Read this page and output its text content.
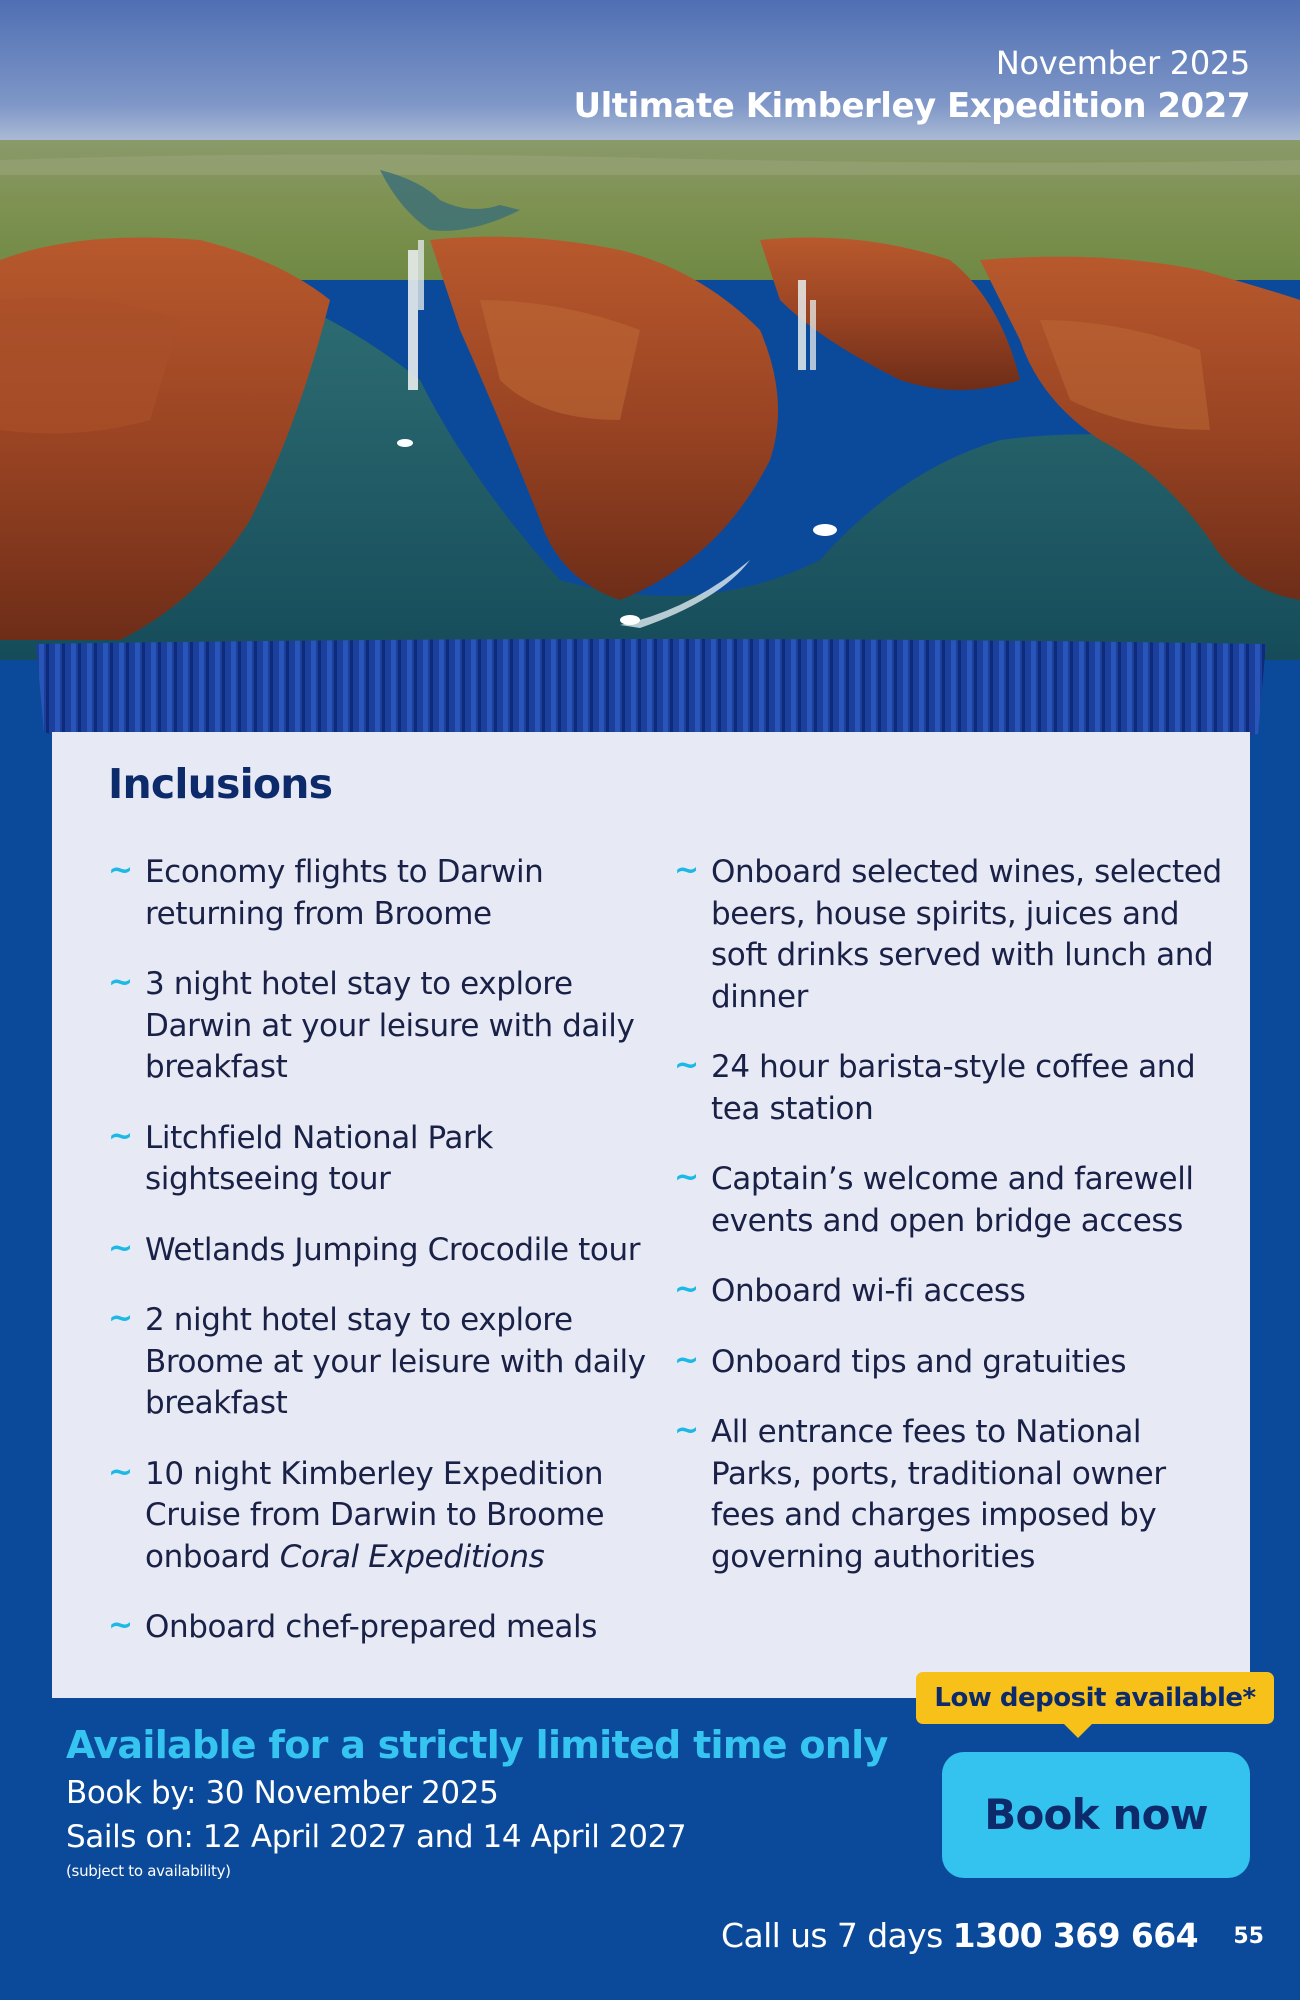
November 2025
Ultimate Kimberley Expedition 2027
Inclusions
~ Economy flights to Darwin returning from Broome
~ 3 night hotel stay to explore Darwin at your leisure with daily breakfast
~ Litchfield National Park sightseeing tour
~ Wetlands Jumping Crocodile tour
~ 2 night hotel stay to explore Broome at your leisure with daily breakfast
~ 10 night Kimberley Expedition Cruise from Darwin to Broome onboard Coral Expeditions
~ Onboard chef-prepared meals
~ Onboard selected wines, selected beers, house spirits, juices and soft drinks served with lunch and dinner
~ 24 hour barista-style coffee and tea station
~ Captain’s welcome and farewell events and open bridge access
~ Onboard wi-fi access
~ Onboard tips and gratuities
~ All entrance fees to National Parks, ports, traditional owner fees and charges imposed by governing authorities
Available for a strictly limited time only
Book by: 30 November 2025
Sails on: 12 April 2027 and 14 April 2027
(subject to availability)
Low deposit available*
Book now
Call us 7 days 1300 369 664 55
